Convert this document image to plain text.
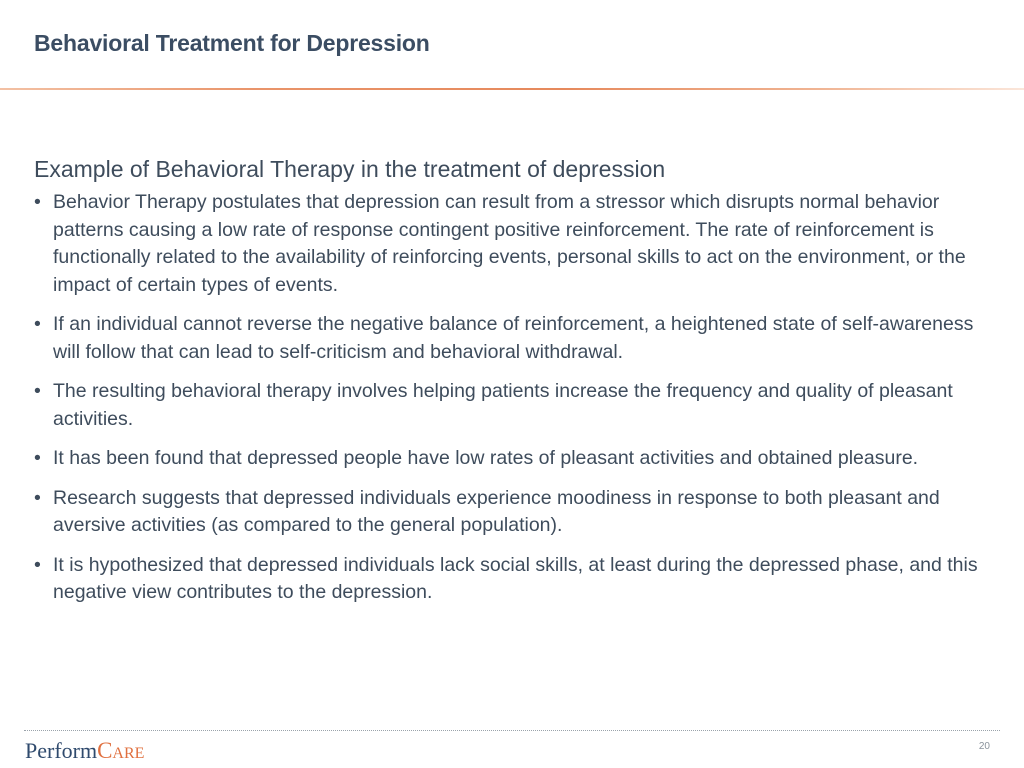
Behavioral Treatment for Depression
Example of Behavioral Therapy in the treatment of depression
• Behavior Therapy postulates that depression can result from a stressor which disrupts normal behavior patterns causing a low rate of response contingent positive reinforcement. The rate of reinforcement is functionally related to the availability of reinforcing events, personal skills to act on the environment, or the impact of certain types of events.
• If an individual cannot reverse the negative balance of reinforcement, a heightened state of self-awareness will follow that can lead to self-criticism and behavioral withdrawal.
• The resulting behavioral therapy involves helping patients increase the frequency and quality of pleasant activities.
• It has been found that depressed people have low rates of pleasant activities and obtained pleasure.
• Research suggests that depressed individuals experience moodiness in response to both pleasant and aversive activities (as compared to the general population).
• It is hypothesized that depressed individuals lack social skills, at least during the depressed phase, and this negative view contributes to the depression.
PerformCare	20
